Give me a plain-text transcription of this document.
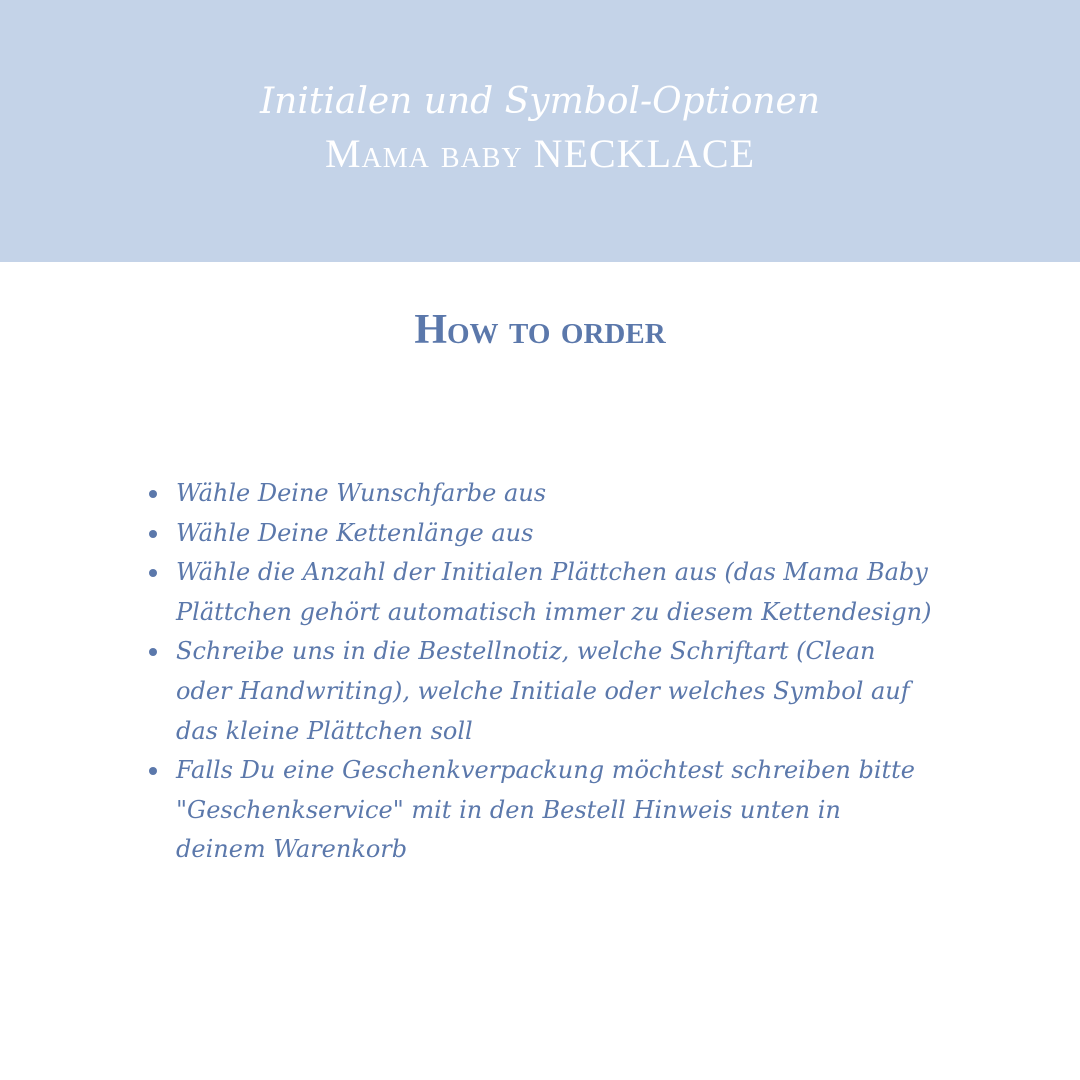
Initialen und Symbol-Optionen

Mama baby NECKLACE

How to order
Wähle Deine Wunschfarbe aus
Wähle Deine Kettenlänge aus
Wähle die Anzahl der Initialen Plättchen aus (das Mama Baby Plättchen gehört automatisch immer zu diesem Kettendesign)
Schreibe uns in die Bestellnotiz, welche Schriftart (Clean oder Handwriting), welche Initiale oder welches Symbol auf das kleine Plättchen soll
Falls Du eine Geschenkverpackung möchtest schreiben bitte "Geschenkservice" mit in den Bestell Hinweis unten in deinem Warenkorb
